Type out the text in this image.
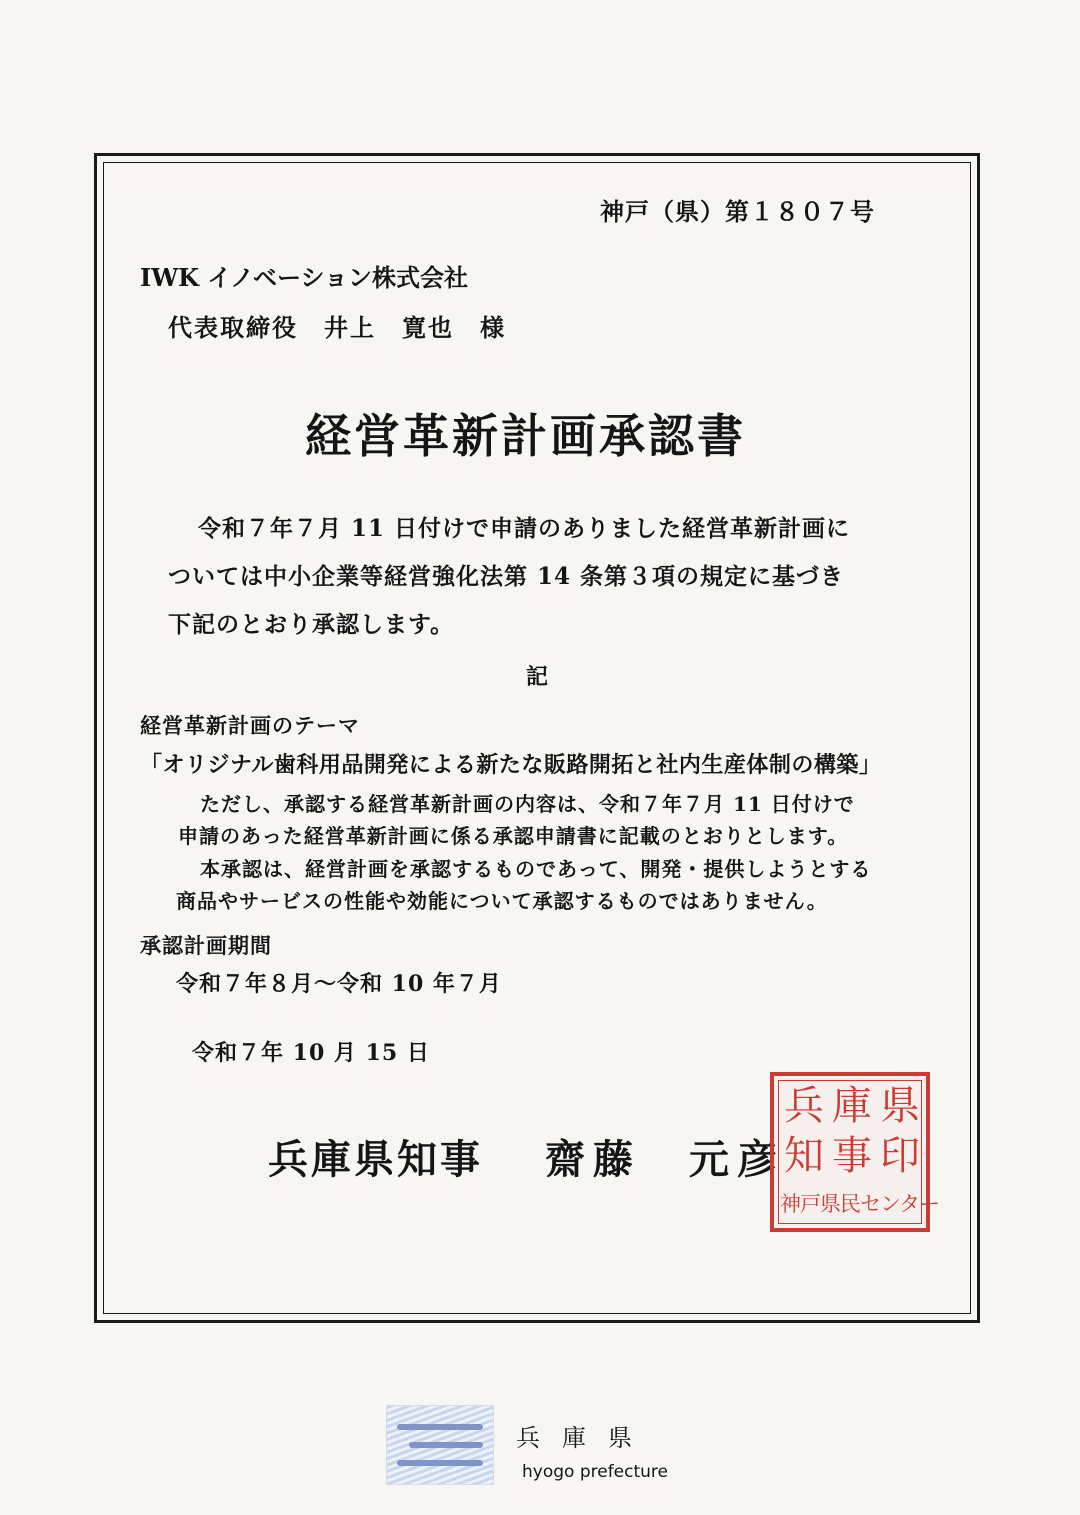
神戸（県）第１８０７号
IWK イノベーション株式会社
代表取締役　井上　寛也　様
経営革新計画承認書
令和７年７月 11 日付けで申請のありました経営革新計画に
ついては中小企業等経営強化法第 14 条第３項の規定に基づき
下記のとおり承認します。
記
経営革新計画のテーマ
「オリジナル歯科用品開発による新たな販路開拓と社内生産体制の構築」
ただし、承認する経営革新計画の内容は、令和７年７月 11 日付けで
申請のあった経営革新計画に係る承認申請書に記載のとおりとします。
本承認は、経営計画を承認するものであって、開発・提供しようとする
商品やサービスの性能や効能について承認するものではありません。
承認計画期間
令和７年８月～令和 10 年７月
令和７年 10 月 15 日
兵庫県知事 齋藤　元彦
兵 庫 県
知 事 印
神戸県民センター
兵庫県
hyogo prefecture
